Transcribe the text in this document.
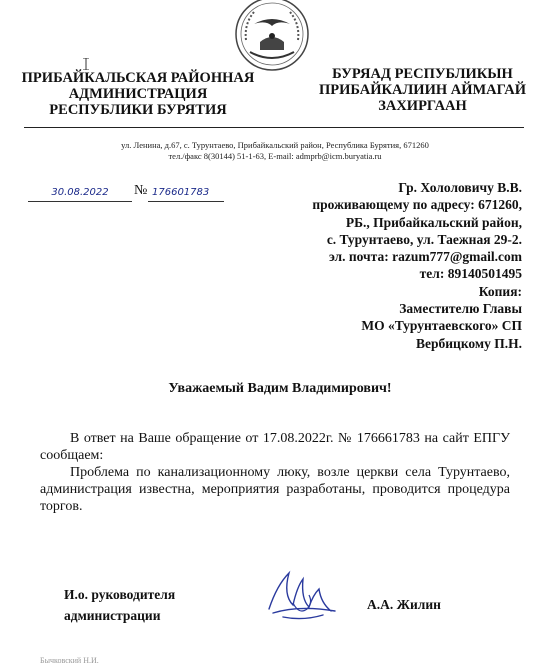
ПРИБАЙКАЛЬСКАЯ РАЙОННАЯ
АДМИНИСТРАЦИЯ
РЕСПУБЛИКИ БУРЯТИЯ
БУРЯАД РЕСПУБЛИКЫН
ПРИБАЙКАЛИИН АЙМАГАЙ
ЗАХИРГААН
ул. Ленина, д.67, с. Турунтаево, Прибайкальский район, Республика Бурятия, 671260
тел./факс 8(30144) 51-1-63, E-mail: admprb@icm.buryatia.ru
30.08.2022	№ 176601783	Гр. Хололовичу В.В.
проживающему по адресу: 671260,
РБ., Прибайкальский район,
с. Турунтаево, ул. Таежная 29-2.
эл. почта: razum777@gmail.com
тел: 89140501495
Копия:
Заместителю Главы
МО «Турунтаевского» СП
Вербицкому П.Н.
Уважаемый Вадим Владимирович!

В ответ на Ваше обращение от 17.08.2022г. № 176661783 на сайт ЕПГУ сообщаем:

Проблема по канализационному люку, возле церкви села Турунтаево, администрация известна, мероприятия разработаны, проводится процедура торгов.

И.о. руководителя
администрации
А.А. Жилин
Бычковский Н.И.
